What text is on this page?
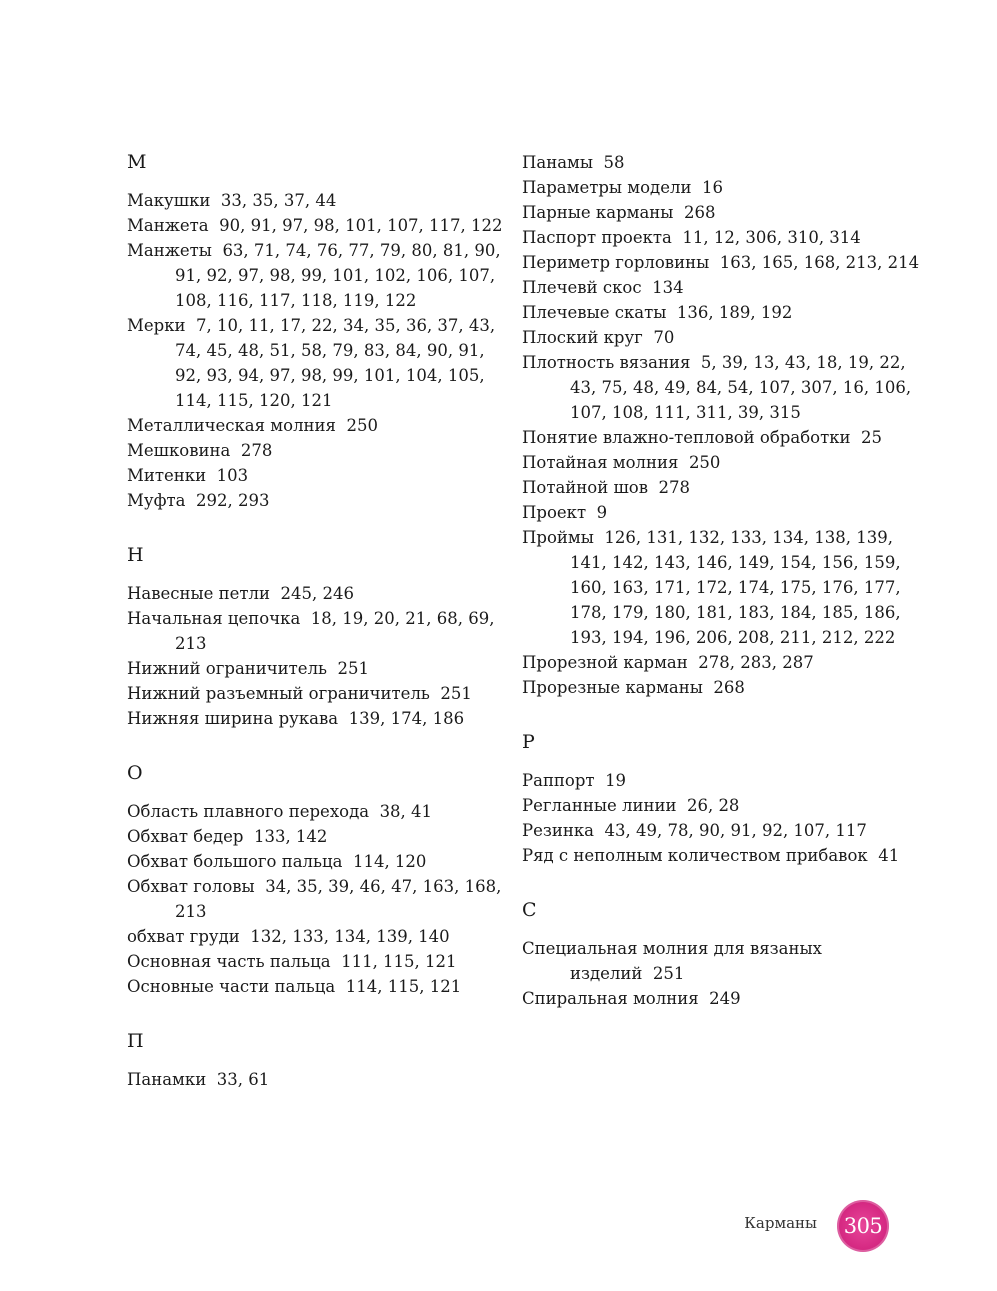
М
Макушки 33, 35, 37, 44
Манжета 90, 91, 97, 98, 101, 107, 117, 122
Манжеты 63, 71, 74, 76, 77, 79, 80, 81, 90, 91, 92, 97, 98, 99, 101, 102, 106, 107, 108, 116, 117, 118, 119, 122
Мерки 7, 10, 11, 17, 22, 34, 35, 36, 37, 43, 74, 45, 48, 51, 58, 79, 83, 84, 90, 91, 92, 93, 94, 97, 98, 99, 101, 104, 105, 114, 115, 120, 121
Металлическая молния 250
Мешковина 278
Митенки 103
Муфта 292, 293
Н
Навесные петли 245, 246
Начальная цепочка 18, 19, 20, 21, 68, 69, 213
Нижний ограничитель 251
Нижний разъемный ограничитель 251
Нижняя ширина рукава 139, 174, 186
О
Область плавного перехода 38, 41
Обхват бедер 133, 142
Обхват большого пальца 114, 120
Обхват головы 34, 35, 39, 46, 47, 163, 168, 213
обхват груди 132, 133, 134, 139, 140
Основная часть пальца 111, 115, 121
Основные части пальца 114, 115, 121
П
Панамки 33, 61
Панамы 58
Параметры модели 16
Парные карманы 268
Паспорт проекта 11, 12, 306, 310, 314
Периметр горловины 163, 165, 168, 213, 214
Плечевй скос 134
Плечевые скаты 136, 189, 192
Плоский круг 70
Плотность вязания 5, 39, 13, 43, 18, 19, 22, 43, 75, 48, 49, 84, 54, 107, 307, 16, 106, 107, 108, 111, 311, 39, 315
Понятие влажно-тепловой обработки 25
Потайная молния 250
Потайной шов 278
Проект 9
Проймы 126, 131, 132, 133, 134, 138, 139, 141, 142, 143, 146, 149, 154, 156, 159, 160, 163, 171, 172, 174, 175, 176, 177, 178, 179, 180, 181, 183, 184, 185, 186, 193, 194, 196, 206, 208, 211, 212, 222
Прорезной карман 278, 283, 287
Прорезные карманы 268
Р
Раппорт 19
Регланные линии 26, 28
Резинка 43, 49, 78, 90, 91, 92, 107, 117
Ряд с неполным количеством прибавок 41
С
Специальная молния для вязаных изделий 251
Спиральная молния 249
Карманы 305
